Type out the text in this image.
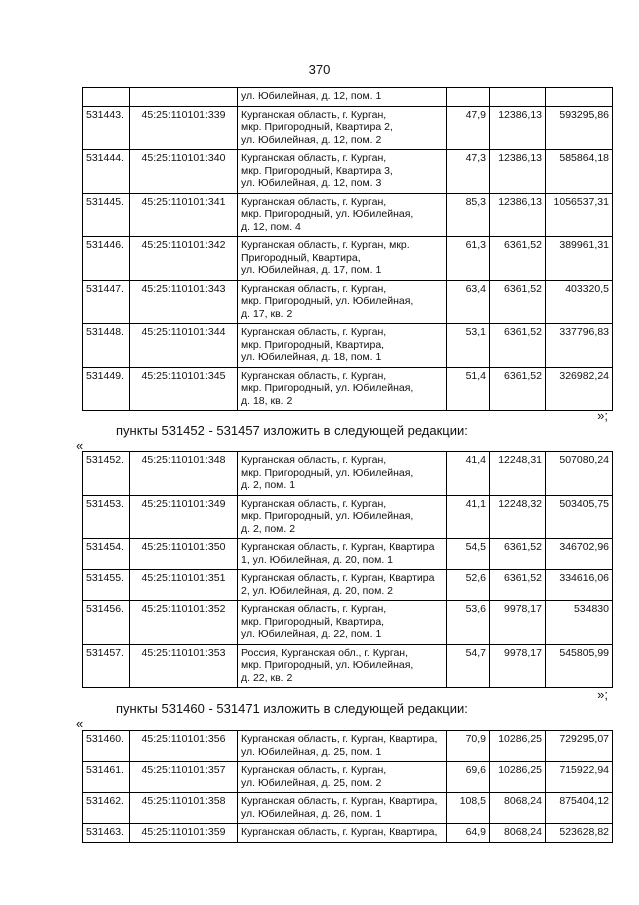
370

		ул. Юбилейная, д. 12, пом. 1			

531443.	45:25:110101:339	Курганская область, г. Курган,
мкр. Пригородный, Квартира 2,
ул. Юбилейная, д. 12, пом. 2	47,9	12386,13	593295,86
531444.	45:25:110101:340	Курганская область, г. Курган,
мкр. Пригородный, Квартира 3,
ул. Юбилейная, д. 12, пом. 3	47,3	12386,13	585864,18
531445.	45:25:110101:341	Курганская область, г. Курган,
мкр. Пригородный, ул. Юбилейная,
д. 12, пом. 4	85,3	12386,13	1056537,31
531446.	45:25:110101:342	Курганская область, г. Курган, мкр.
Пригородный, Квартира,
ул. Юбилейная, д. 17, пом. 1	61,3	6361,52	389961,31
531447.	45:25:110101:343	Курганская область, г. Курган,
мкр. Пригородный, ул. Юбилейная,
д. 17, кв. 2	63,4	6361,52	403320,5
531448.	45:25:110101:344	Курганская область, г. Курган,
мкр. Пригородный, Квартира,
ул. Юбилейная, д. 18, пом. 1	53,1	6361,52	337796,83
531449.	45:25:110101:345	Курганская область, г. Курган,
мкр. Пригородный, ул. Юбилейная,
д. 18, кв. 2	51,4	6361,52	326982,24
»;
пункты 531452 - 531457 изложить в следующей редакции:
«
531452.	45:25:110101:348	Курганская область, г. Курган,
мкр. Пригородный, ул. Юбилейная,
д. 2, пом. 1	41,4	12248,31	507080,24
531453.	45:25:110101:349	Курганская область, г. Курган,
мкр. Пригородный, ул. Юбилейная,
д. 2, пом. 2	41,1	12248,32	503405,75
531454.	45:25:110101:350	Курганская область, г. Курган, Квартира
1, ул. Юбилейная, д. 20, пом. 1	54,5	6361,52	346702,96
531455.	45:25:110101:351	Курганская область, г. Курган, Квартира
2, ул. Юбилейная, д. 20, пом. 2	52,6	6361,52	334616,06
531456.	45:25:110101:352	Курганская область, г. Курган,
мкр. Пригородный, Квартира,
ул. Юбилейная, д. 22, пом. 1	53,6	9978,17	534830
531457.	45:25:110101:353	Россия, Курганская обл., г. Курган,
мкр. Пригородный, ул. Юбилейная,
д. 22, кв. 2	54,7	9978,17	545805,99
»;
пункты 531460 - 531471 изложить в следующей редакции:
«
531460.	45:25:110101:356	Курганская область, г. Курган, Квартира,
ул. Юбилейная, д. 25, пом. 1	70,9	10286,25	729295,07
531461.	45:25:110101:357	Курганская область, г. Курган,
ул. Юбилейная, д. 25, пом. 2	69,6	10286,25	715922,94
531462.	45:25:110101:358	Курганская область, г. Курган, Квартира,
ул. Юбилейная, д. 26, пом. 1	108,5	8068,24	875404,12
531463.	45:25:110101:359	Курганская область, г. Курган, Квартира,	64,9	8068,24	523628,82
